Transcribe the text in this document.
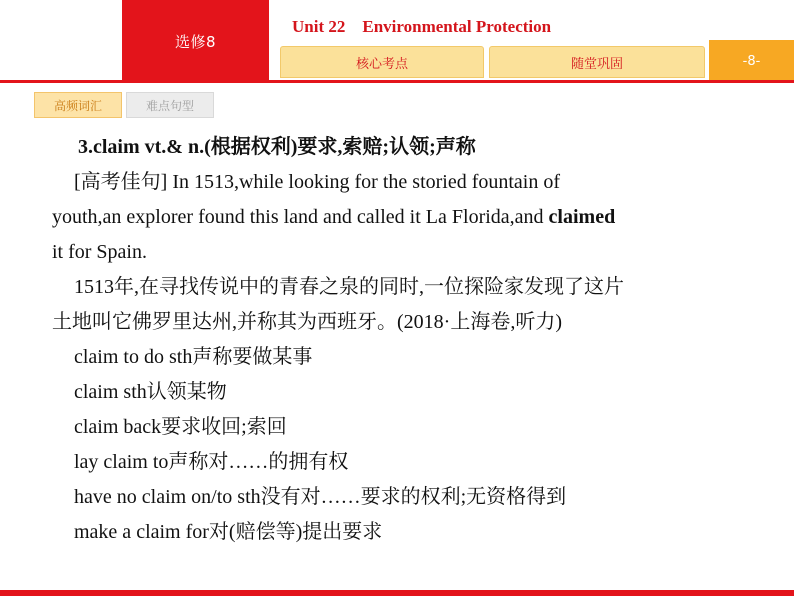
选修8
Unit 22　Environmental Protection
核心考点	随堂巩固	-8-
高频词汇	难点句型
3.claim vt.& n.(根据权利)要求,索赔;认领;声称
[高考佳句] In 1513,while looking for the storied fountain of
youth,an explorer found this land and called it La Florida,and claimed
it for Spain.
1513年,在寻找传说中的青春之泉的同时,一位探险家发现了这片
土地叫它佛罗里达州,并称其为西班牙。(2018·上海卷,听力)
claim to do sth声称要做某事
claim sth认领某物
claim back要求收回;索回
lay claim to声称对……的拥有权
have no claim on/to sth没有对……要求的权利;无资格得到
make a claim for对(赔偿等)提出要求
